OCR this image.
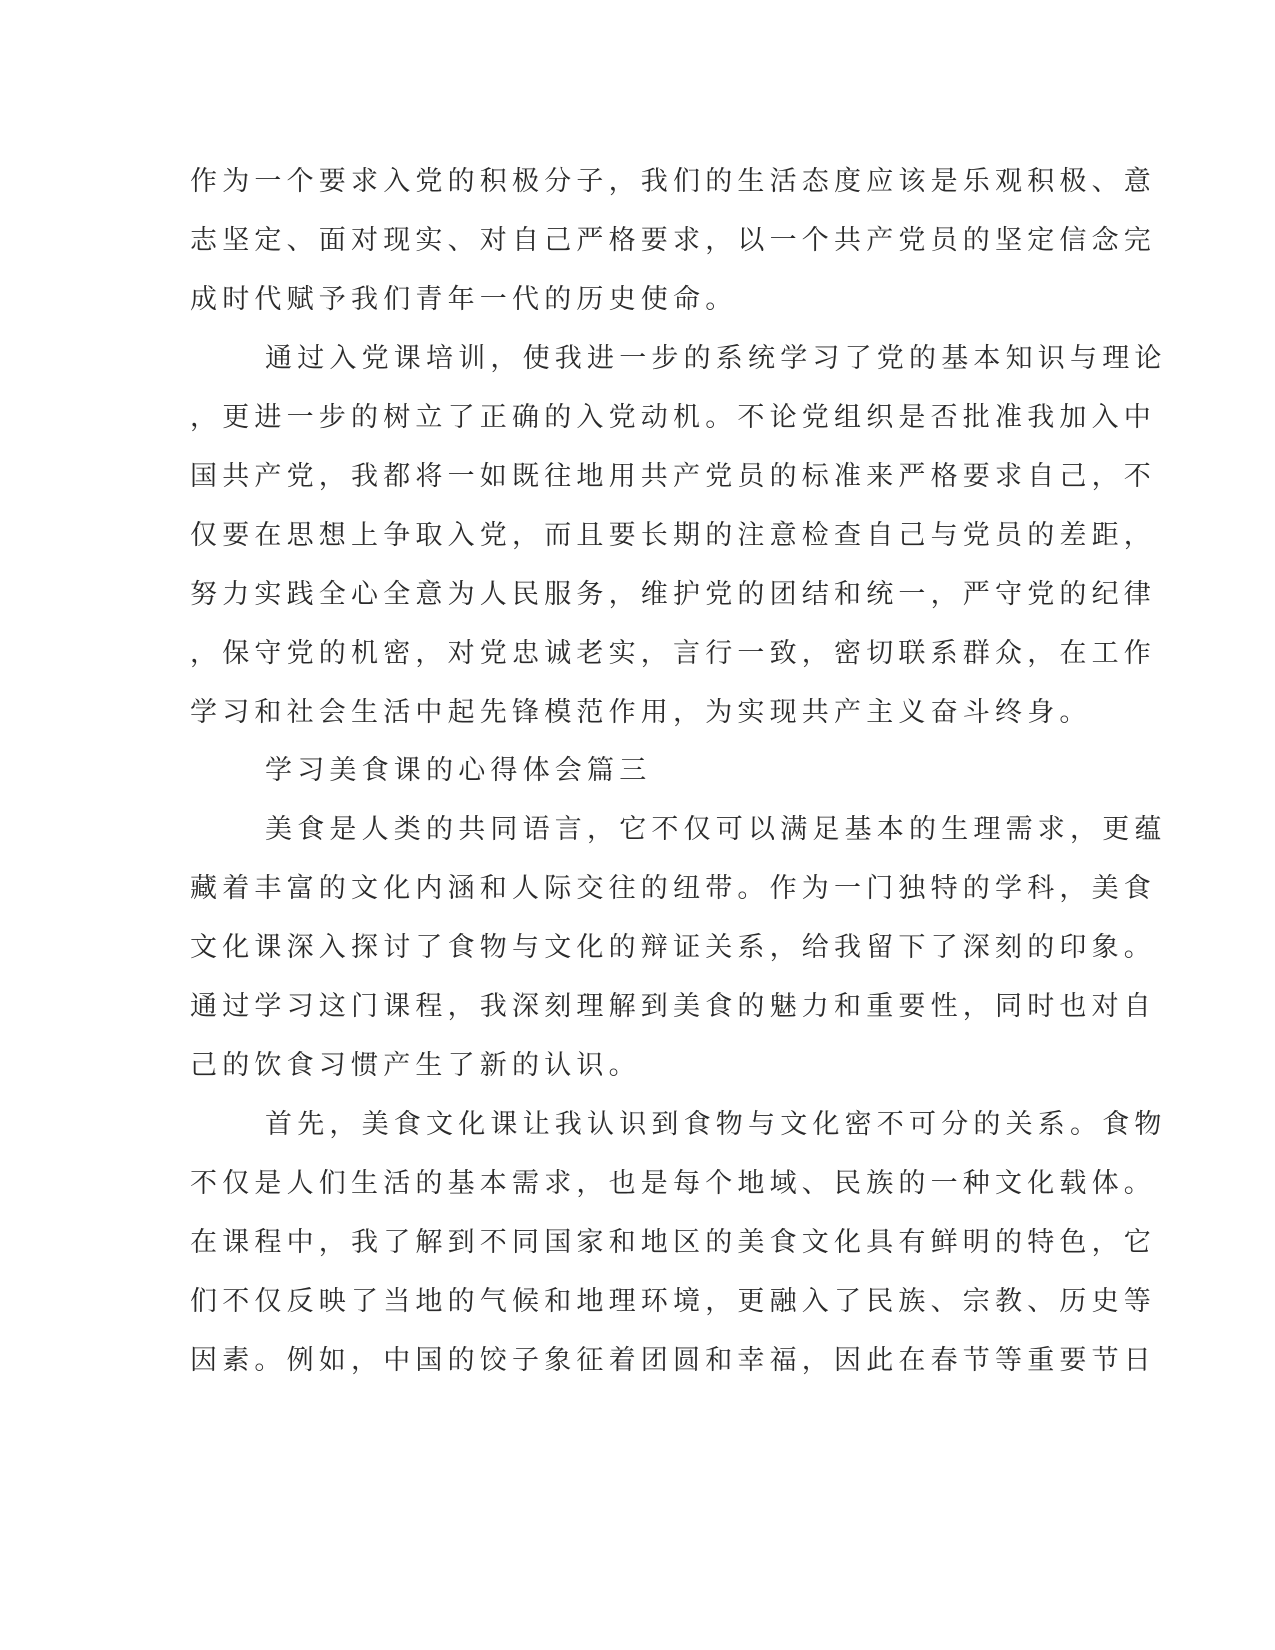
作为一个要求入党的积极分子，我们的生活态度应该是乐观积极、意
志坚定、面对现实、对自己严格要求，以一个共产党员的坚定信念完
成时代赋予我们青年一代的历史使命。
通过入党课培训，使我进一步的系统学习了党的基本知识与理论
，更进一步的树立了正确的入党动机。不论党组织是否批准我加入中
国共产党，我都将一如既往地用共产党员的标准来严格要求自己，不
仅要在思想上争取入党，而且要长期的注意检查自己与党员的差距，
努力实践全心全意为人民服务，维护党的团结和统一，严守党的纪律
，保守党的机密，对党忠诚老实，言行一致，密切联系群众，在工作
学习和社会生活中起先锋模范作用，为实现共产主义奋斗终身。
学习美食课的心得体会篇三
美食是人类的共同语言，它不仅可以满足基本的生理需求，更蕴
藏着丰富的文化内涵和人际交往的纽带。作为一门独特的学科，美食
文化课深入探讨了食物与文化的辩证关系，给我留下了深刻的印象。
通过学习这门课程，我深刻理解到美食的魅力和重要性，同时也对自
己的饮食习惯产生了新的认识。
首先，美食文化课让我认识到食物与文化密不可分的关系。食物
不仅是人们生活的基本需求，也是每个地域、民族的一种文化载体。
在课程中，我了解到不同国家和地区的美食文化具有鲜明的特色，它
们不仅反映了当地的气候和地理环境，更融入了民族、宗教、历史等
因素。例如，中国的饺子象征着团圆和幸福，因此在春节等重要节日
